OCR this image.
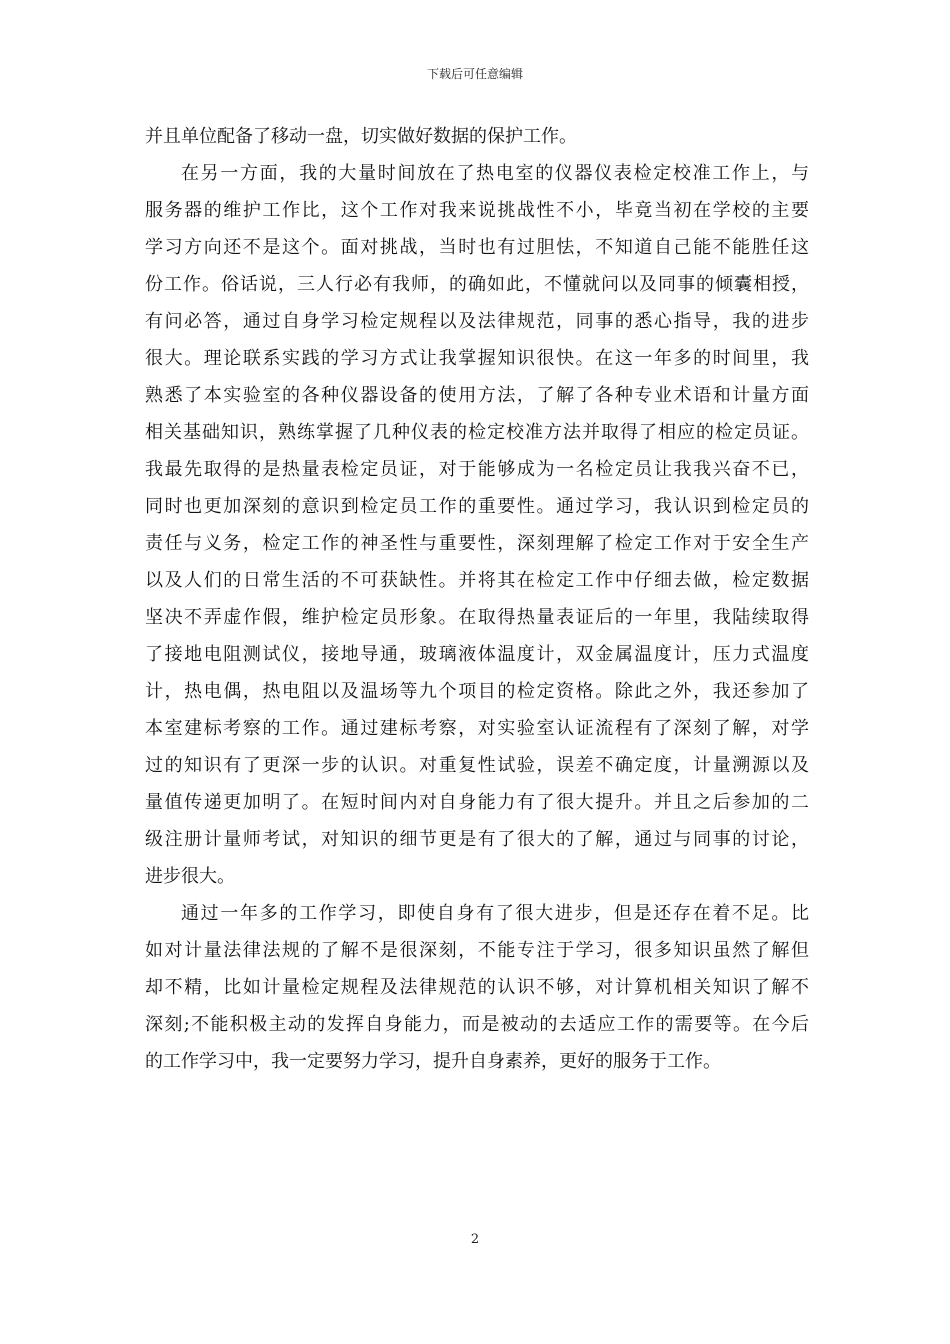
下载后可任意编辑
并且单位配备了移动一盘，切实做好数据的保护工作。
在另一方面，我的大量时间放在了热电室的仪器仪表检定校准工作上，与
服务器的维护工作比，这个工作对我来说挑战性不小，毕竟当初在学校的主要
学习方向还不是这个。面对挑战，当时也有过胆怯，不知道自己能不能胜任这
份工作。俗话说，三人行必有我师，的确如此，不懂就问以及同事的倾囊相授，
有问必答，通过自身学习检定规程以及法律规范，同事的悉心指导，我的进步
很大。理论联系实践的学习方式让我掌握知识很快。在这一年多的时间里，我
熟悉了本实验室的各种仪器设备的使用方法，了解了各种专业术语和计量方面
相关基础知识，熟练掌握了几种仪表的检定校准方法并取得了相应的检定员证。
我最先取得的是热量表检定员证，对于能够成为一名检定员让我我兴奋不已，
同时也更加深刻的意识到检定员工作的重要性。通过学习，我认识到检定员的
责任与义务，检定工作的神圣性与重要性，深刻理解了检定工作对于安全生产
以及人们的日常生活的不可获缺性。并将其在检定工作中仔细去做，检定数据
坚决不弄虚作假，维护检定员形象。在取得热量表证后的一年里，我陆续取得
了接地电阻测试仪，接地导通，玻璃液体温度计，双金属温度计，压力式温度
计，热电偶，热电阻以及温场等九个项目的检定资格。除此之外，我还参加了
本室建标考察的工作。通过建标考察，对实验室认证流程有了深刻了解，对学
过的知识有了更深一步的认识。对重复性试验，误差不确定度，计量溯源以及
量值传递更加明了。在短时间内对自身能力有了很大提升。并且之后参加的二
级注册计量师考试，对知识的细节更是有了很大的了解，通过与同事的讨论，
进步很大。
通过一年多的工作学习，即使自身有了很大进步，但是还存在着不足。比
如对计量法律法规的了解不是很深刻，不能专注于学习，很多知识虽然了解但
却不精，比如计量检定规程及法律规范的认识不够，对计算机相关知识了解不
深刻;不能积极主动的发挥自身能力，而是被动的去适应工作的需要等。在今后
的工作学习中，我一定要努力学习，提升自身素养，更好的服务于工作。
2
